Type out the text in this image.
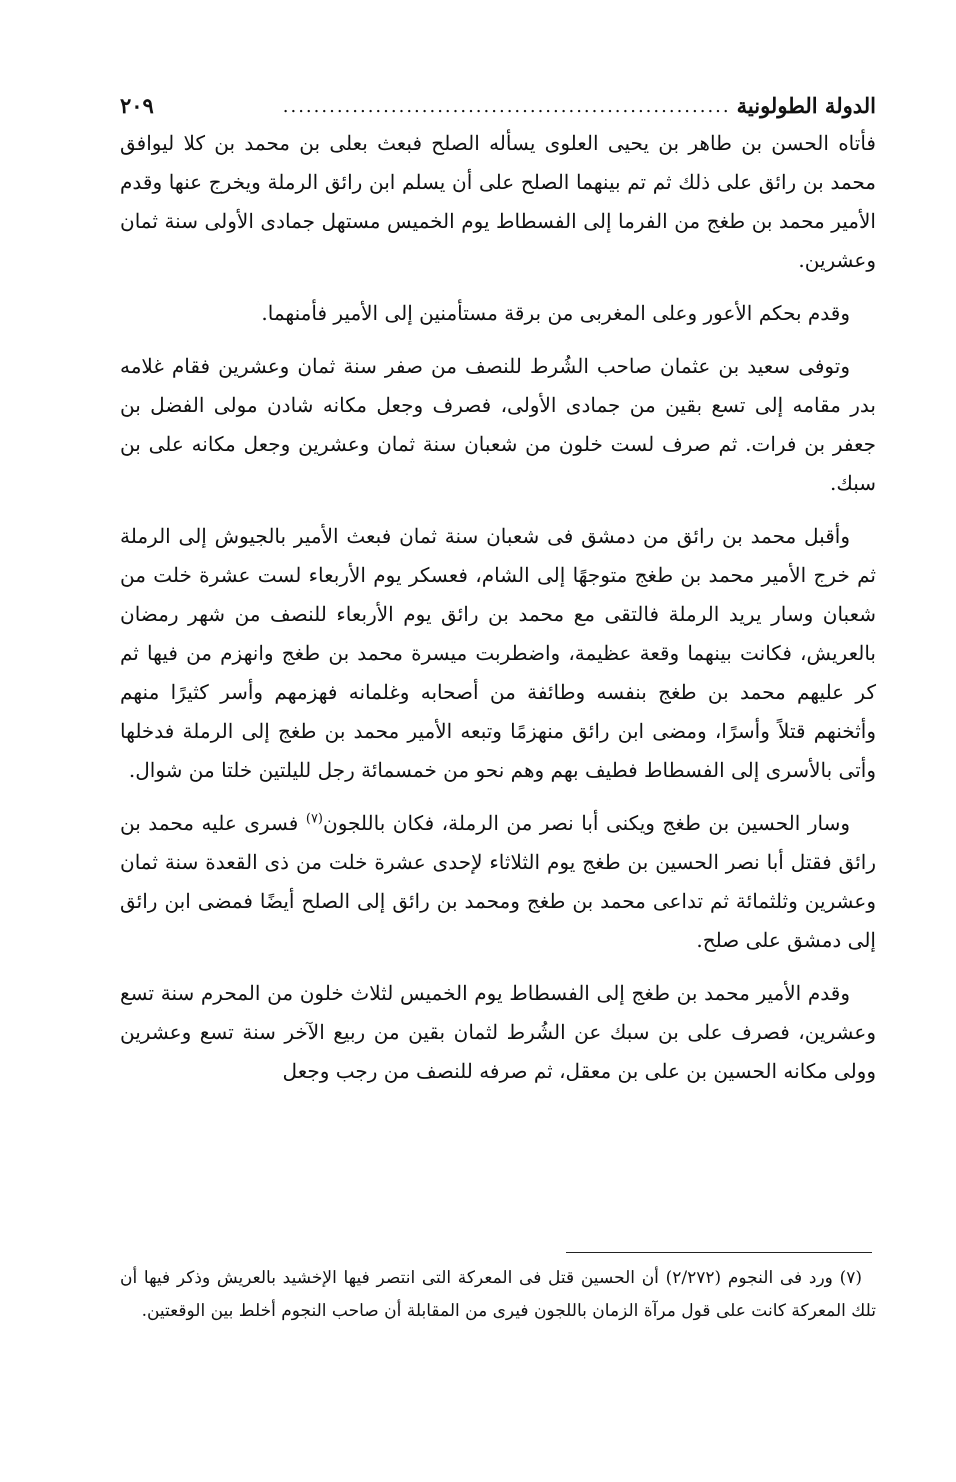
الدولة الطولونية
..........................................................
٢٠٩

فأتاه الحسن بن طاهر بن يحيى العلوى يسأله الصلح فبعث بعلى بن محمد بن كلا ليوافق محمد بن رائق على ذلك ثم تم بينهما الصلح على أن يسلم ابن رائق الرملة ويخرج عنها وقدم الأمير محمد بن طغج من الفرما إلى الفسطاط يوم الخميس مستهل جمادى الأولى سنة ثمان وعشرين.

وقدم بحكم الأعور وعلى المغربى من برقة مستأمنين إلى الأمير فأمنهما.

وتوفى سعيد بن عثمان صاحب الشُرط للنصف من صفر سنة ثمان وعشرين فقام غلامه بدر مقامه إلى تسع بقين من جمادى الأولى، فصرف وجعل مكانه شادن مولى الفضل بن جعفر بن فرات. ثم صرف لست خلون من شعبان سنة ثمان وعشرين وجعل مكانه على بن سبك.

وأقبل محمد بن رائق من دمشق فى شعبان سنة ثمان فبعث الأمير بالجيوش إلى الرملة ثم خرج الأمير محمد بن طغج متوجهًا إلى الشام، فعسكر يوم الأربعاء لست عشرة خلت من شعبان وسار يريد الرملة فالتقى مع محمد بن رائق يوم الأربعاء للنصف من شهر رمضان بالعريش، فكانت بينهما وقعة عظيمة، واضطربت ميسرة محمد بن طغج وانهزم من فيها ثم كر عليهم محمد بن طغج بنفسه وطائفة من أصحابه وغلمانه فهزمهم وأسر كثيرًا منهم وأثخنهم قتلاً وأسرًا، ومضى ابن رائق منهزمًا وتبعه الأمير محمد بن طغج إلى الرملة فدخلها وأتى بالأسرى إلى الفسطاط فطيف بهم وهم نحو من خمسمائة رجل لليلتين خلتا من شوال.

وسار الحسين بن طغج ويكنى أبا نصر من الرملة، فكان باللجون$^{(٧)}$ فسرى عليه محمد بن رائق فقتل أبا نصر الحسين بن طغج يوم الثلاثاء لإحدى عشرة خلت من ذى القعدة سنة ثمان وعشرين وثلثمائة ثم تداعى محمد بن طغج ومحمد بن رائق إلى الصلح أيضًا فمضى ابن رائق إلى دمشق على صلح.

وقدم الأمير محمد بن طغج إلى الفسطاط يوم الخميس لثلاث خلون من المحرم سنة تسع وعشرين، فصرف على بن سبك عن الشُرط لثمان بقين من ربيع الآخر سنة تسع وعشرين وولى مكانه الحسين بن على بن معقل، ثم صرفه للنصف من رجب وجعل

(٧) ورد فى النجوم (٢/٢٧٢) أن الحسين قتل فى المعركة التى انتصر فيها الإخشيد بالعريش وذكر فيها أن تلك المعركة كانت على قول مرآة الزمان باللجون فيرى من المقابلة أن صاحب النجوم أخلط بين الوقعتين.
